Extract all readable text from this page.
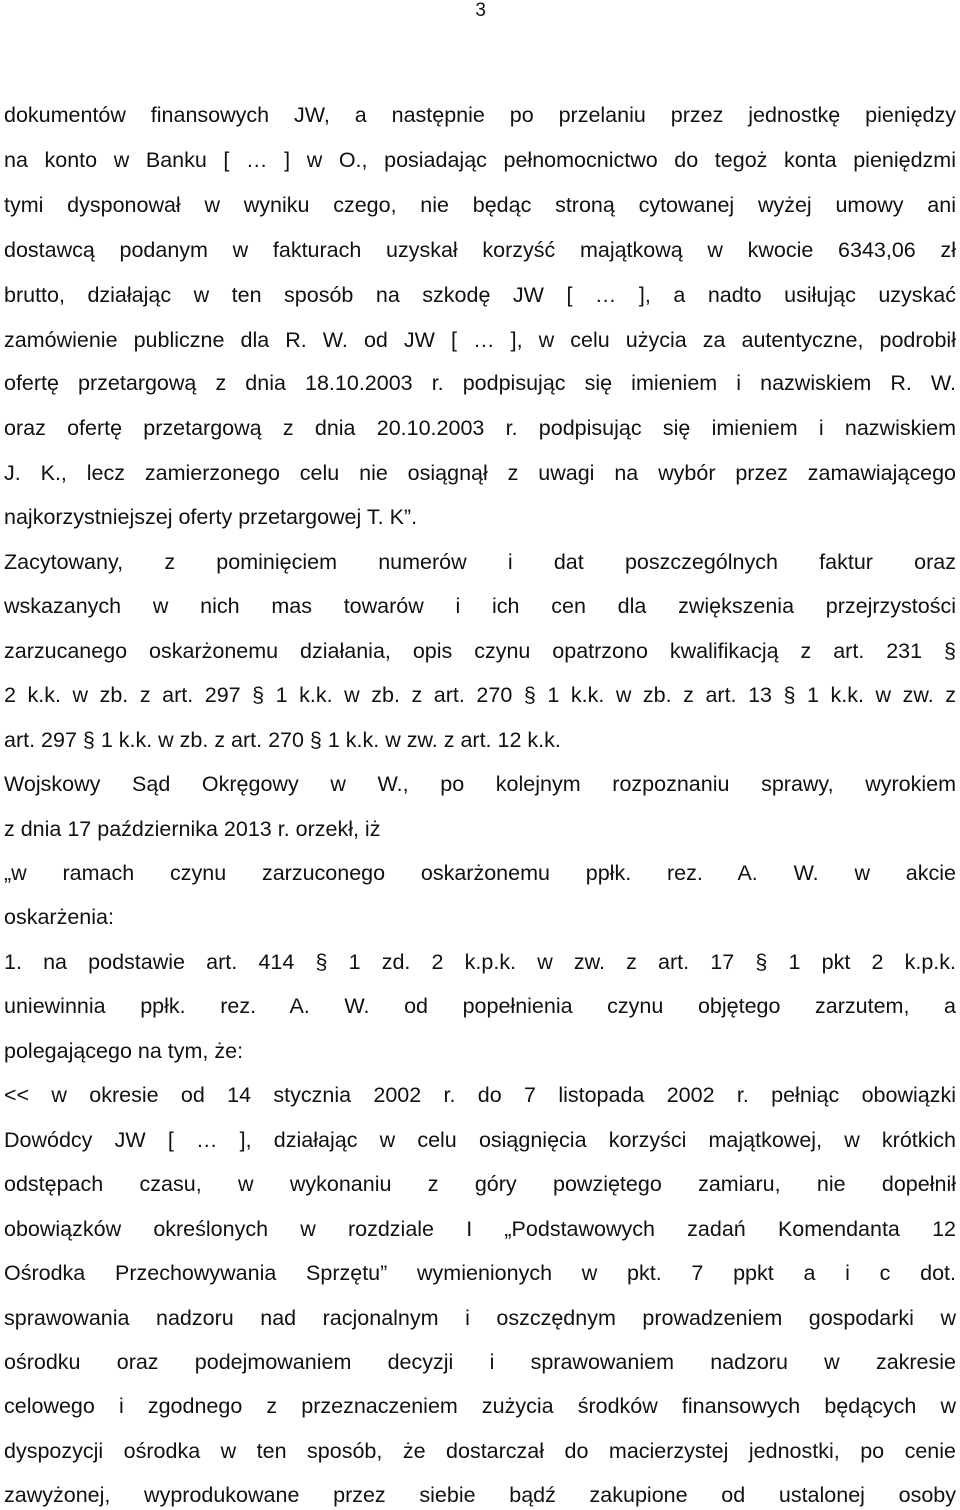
3
dokumentów finansowych JW, a następnie po przelaniu przez jednostkę pieniędzy
na konto w Banku [ … ] w O., posiadając pełnomocnictwo do tegoż konta pieniędzmi
tymi dysponował w wyniku czego, nie będąc stroną cytowanej wyżej umowy ani
dostawcą podanym w fakturach uzyskał korzyść majątkową w kwocie 6343,06 zł
brutto, działając w ten sposób na szkodę JW [ … ], a nadto usiłując uzyskać
zamówienie publiczne dla R. W. od JW [ … ], w celu użycia za autentyczne, podrobił
ofertę przetargową z dnia 18.10.2003 r. podpisując się imieniem i nazwiskiem R. W.
oraz ofertę przetargową z dnia 20.10.2003 r. podpisując się imieniem i nazwiskiem
J. K., lecz zamierzonego celu nie osiągnął z uwagi na wybór przez zamawiającego
najkorzystniejszej oferty przetargowej T. K”.
Zacytowany, z pominięciem numerów i dat poszczególnych faktur oraz
wskazanych w nich mas towarów i ich cen dla zwiększenia przejrzystości
zarzucanego oskarżonemu działania, opis czynu opatrzono kwalifikacją z art. 231 §
2 k.k. w zb. z art. 297 § 1 k.k. w zb. z art. 270 § 1 k.k. w zb. z art. 13 § 1 k.k. w zw. z
art. 297 § 1 k.k. w zb. z art. 270 § 1 k.k. w zw. z art. 12 k.k.
Wojskowy Sąd Okręgowy w W., po kolejnym rozpoznaniu sprawy, wyrokiem
z dnia 17 października 2013 r. orzekł, iż
„w ramach czynu zarzuconego oskarżonemu ppłk. rez. A. W. w akcie
oskarżenia:
1. na podstawie art. 414 § 1 zd. 2 k.p.k. w zw. z art. 17 § 1 pkt 2 k.p.k.
uniewinnia ppłk. rez. A. W. od popełnienia czynu objętego zarzutem, a
polegającego na tym, że:
<< w okresie od 14 stycznia 2002 r. do 7 listopada 2002 r. pełniąc obowiązki
Dowódcy JW [ … ], działając w celu osiągnięcia korzyści majątkowej, w krótkich
odstępach czasu, w wykonaniu z góry powziętego zamiaru, nie dopełnił
obowiązków określonych w rozdziale I „Podstawowych zadań Komendanta 12
Ośrodka Przechowywania Sprzętu” wymienionych w pkt. 7 ppkt a i c dot.
sprawowania nadzoru nad racjonalnym i oszczędnym prowadzeniem gospodarki w
ośrodku oraz podejmowaniem decyzji i sprawowaniem nadzoru w zakresie
celowego i zgodnego z przeznaczeniem zużycia środków finansowych będących w
dyspozycji ośrodka w ten sposób, że dostarczał do macierzystej jednostki, po cenie
zawyżonej, wyprodukowane przez siebie bądź zakupione od ustalonej osoby
